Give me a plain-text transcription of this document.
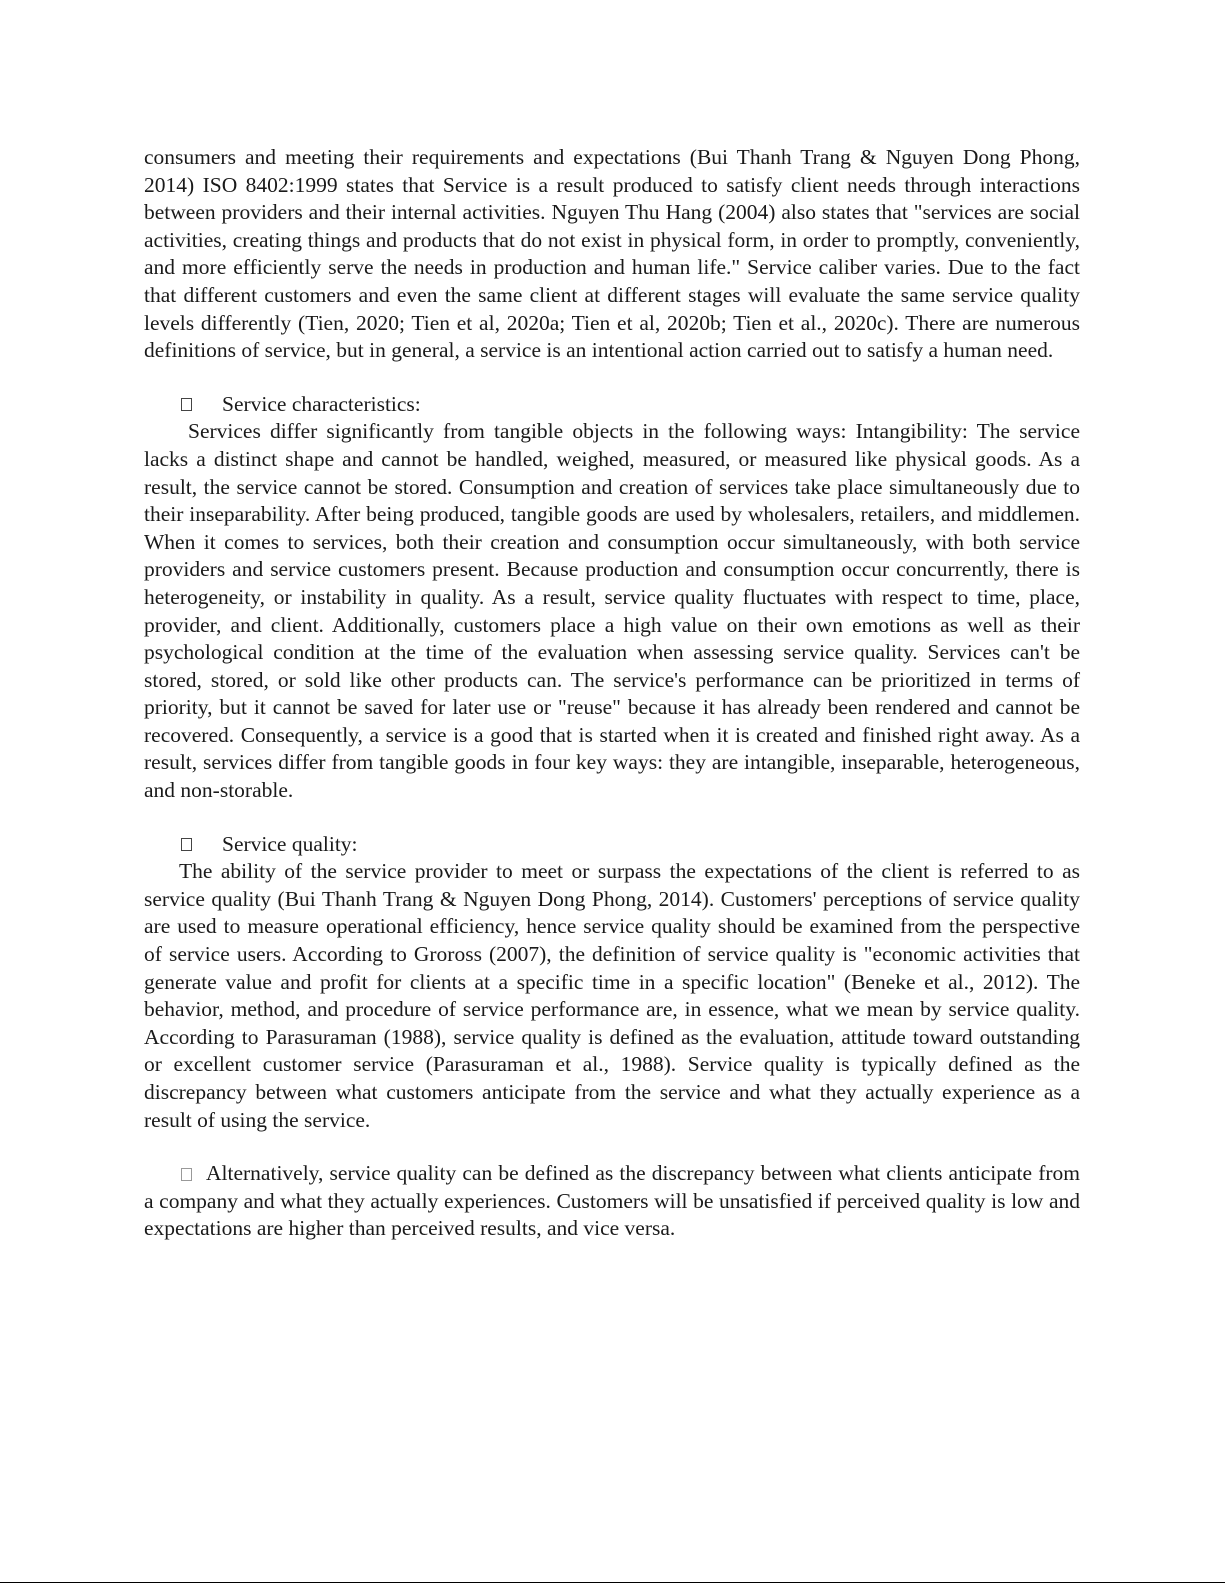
consumers and meeting their requirements and expectations (Bui Thanh Trang & Nguyen Dong Phong, 2014) ISO 8402:1999 states that Service is a result produced to satisfy client needs through interactions between providers and their internal activities. Nguyen Thu Hang (2004) also states that "services are social activities, creating things and products that do not exist in physical form, in order to promptly, conveniently, and more efficiently serve the needs in production and human life." Service caliber varies. Due to the fact that different customers and even the same client at different stages will evaluate the same service quality levels differently (Tien, 2020; Tien et al, 2020a; Tien et al, 2020b; Tien et al., 2020c). There are numerous definitions of service, but in general, a service is an intentional action carried out to satisfy a human need.

Service characteristics:

Services differ significantly from tangible objects in the following ways: Intangibility: The service lacks a distinct shape and cannot be handled, weighed, measured, or measured like physical goods. As a result, the service cannot be stored. Consumption and creation of services take place simultaneously due to their inseparability. After being produced, tangible goods are used by wholesalers, retailers, and middlemen. When it comes to services, both their creation and consumption occur simultaneously, with both service providers and service customers present. Because production and consumption occur concurrently, there is heterogeneity, or instability in quality. As a result, service quality fluctuates with respect to time, place, provider, and client. Additionally, customers place a high value on their own emotions as well as their psychological condition at the time of the evaluation when assessing service quality. Services can't be stored, stored, or sold like other products can. The service's performance can be prioritized in terms of priority, but it cannot be saved for later use or "reuse" because it has already been rendered and cannot be recovered. Consequently, a service is a good that is started when it is created and finished right away. As a result, services differ from tangible goods in four key ways: they are intangible, inseparable, heterogeneous, and non-storable.

Service quality:

The ability of the service provider to meet or surpass the expectations of the client is referred to as service quality (Bui Thanh Trang & Nguyen Dong Phong, 2014). Customers' perceptions of service quality are used to measure operational efficiency, hence service quality should be examined from the perspective of service users. According to Groross (2007), the definition of service quality is "economic activities that generate value and profit for clients at a specific time in a specific location" (Beneke et al., 2012). The behavior, method, and procedure of service performance are, in essence, what we mean by service quality. According to Parasuraman (1988), service quality is defined as the evaluation, attitude toward outstanding or excellent customer service (Parasuraman et al., 1988). Service quality is typically defined as the discrepancy between what customers anticipate from the service and what they actually experience as a result of using the service.

Alternatively, service quality can be defined as the discrepancy between what clients anticipate from a company and what they actually experiences. Customers will be unsatisfied if perceived quality is low and expectations are higher than perceived results, and vice versa.
